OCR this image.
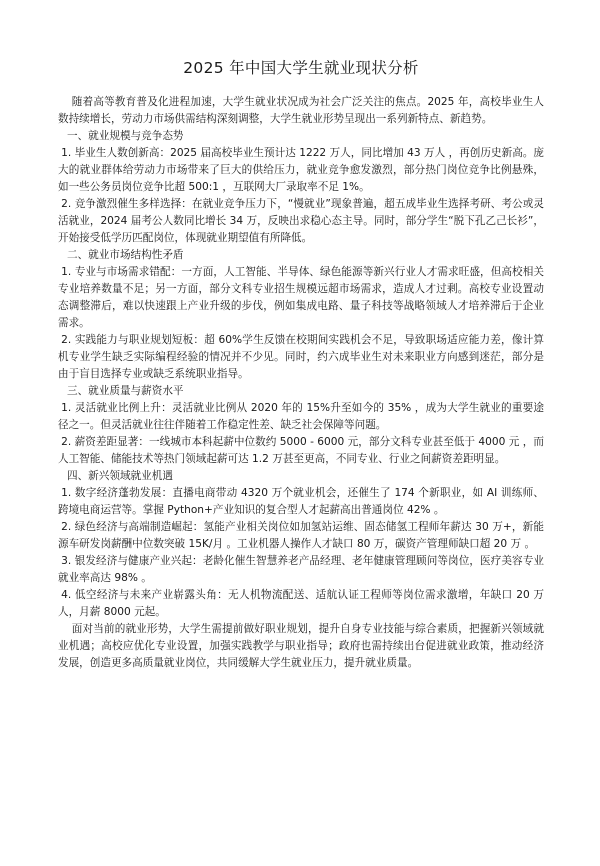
2025 年中国大学生就业现状分析

随着高等教育普及化进程加速，大学生就业状况成为社会广泛关注的焦点。2025 年，高校毕业生人数持续增长，劳动力市场供需结构深刻调整，大学生就业形势呈现出一系列新特点、新趋势。

一、就业规模与竞争态势

1. 毕业生人数创新高：2025 届高校毕业生预计达 1222 万人，同比增加 43 万人 ，再创历史新高。庞大的就业群体给劳动力市场带来了巨大的供给压力，就业竞争愈发激烈，部分热门岗位竞争比例悬殊，如一些公务员岗位竞争比超 500:1 ，互联网大厂录取率不足 1%。

2. 竞争激烈催生多样选择：在就业竞争压力下，“慢就业”现象普遍，超五成毕业生选择考研、考公或灵活就业，2024 届考公人数同比增长 34 万，反映出求稳心态主导。同时，部分学生“脱下孔乙己长衫”，开始接受低学历匹配岗位，体现就业期望值有所降低。

二、就业市场结构性矛盾

1. 专业与市场需求错配：一方面，人工智能、半导体、绿色能源等新兴行业人才需求旺盛，但高校相关专业培养数量不足；另一方面，部分文科专业招生规模远超市场需求，造成人才过剩。高校专业设置动态调整滞后，难以快速跟上产业升级的步伐，例如集成电路、量子科技等战略领域人才培养滞后于企业需求。

2. 实践能力与职业规划短板：超 60%学生反馈在校期间实践机会不足，导致职场适应能力差，像计算机专业学生缺乏实际编程经验的情况并不少见。同时，约六成毕业生对未来职业方向感到迷茫，部分是由于盲目选择专业或缺乏系统职业指导。

三、就业质量与薪资水平

1. 灵活就业比例上升：灵活就业比例从 2020 年的 15%升至如今的 35% ，成为大学生就业的重要途径之一。但灵活就业往往伴随着工作稳定性差、缺乏社会保障等问题。

2. 薪资差距显著：一线城市本科起薪中位数约 5000 - 6000 元，部分文科专业甚至低于 4000 元 ，而人工智能、储能技术等热门领域起薪可达 1.2 万甚至更高，不同专业、行业之间薪资差距明显。

四、新兴领域就业机遇

1. 数字经济蓬勃发展：直播电商带动 4320 万个就业机会，还催生了 174 个新职业，如 AI 训练师、跨境电商运营等。掌握 Python+产业知识的复合型人才起薪高出普通岗位 42% 。

2. 绿色经济与高端制造崛起：氢能产业相关岗位如加氢站运维、固态储氢工程师年薪达 30 万+，新能源车研发岗薪酬中位数突破 15K/月 。工业机器人操作人才缺口 80 万，碳资产管理师缺口超 20 万 。

3. 银发经济与健康产业兴起：老龄化催生智慧养老产品经理、老年健康管理顾问等岗位，医疗美容专业就业率高达 98% 。

4. 低空经济与未来产业崭露头角：无人机物流配送、适航认证工程师等岗位需求激增，年缺口 20 万人，月薪 8000 元起。

面对当前的就业形势，大学生需提前做好职业规划，提升自身专业技能与综合素质，把握新兴领域就业机遇；高校应优化专业设置，加强实践教学与职业指导；政府也需持续出台促进就业政策，推动经济发展，创造更多高质量就业岗位，共同缓解大学生就业压力，提升就业质量。
